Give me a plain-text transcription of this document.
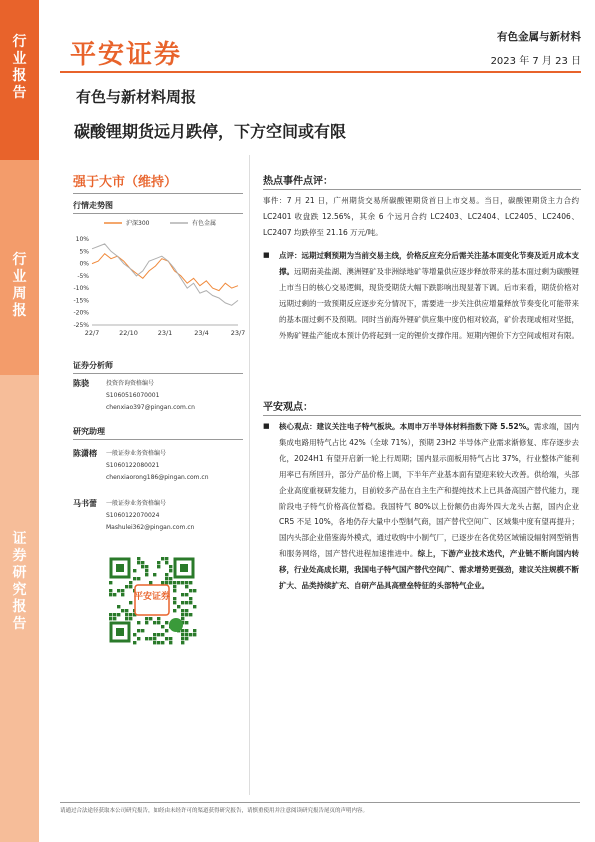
行业报告
行业周报
证券研究报告
平安证券
有色金属与新材料
2023 年 7 月 23 日
有色与新材料周报
碳酸锂期货远月跌停，下方空间或有限
强于大市（维持）
行情走势图
沪深300	有色金属
10%
5%
0%
-5%
-10%
-15%
-20%
-25%
22/7	22/10	23/1	23/4	23/7
证券分析师
陈骁	投资咨询资格编号
S1060516070001
chenxiao397@pingan.com.cn
研究助理
陈潇榕	一般证券业务资格编号
S1060122080021
chenxiaorong186@pingan.com.cn
马书蕾	一般证券业务资格编号
S1060122070024
Mashulei362@pingan.com.cn
平安证券
热点事件点评：
事件：7 月 21 日，广州期货交易所碳酸锂期货首日上市交易。当日，碳酸锂期货主力合约 LC2401 收盘跌 12.56%，其余 6 个远月合约 LC2403、LC2404、LC2405、LC2406、LC2407 均跌停至 21.16 万元/吨。
■ 点评：远期过剩预期为当前交易主线，价格反应充分后需关注基本面变化节奏及近月成本支撑。远期南美盐湖、澳洲锂矿及非洲绿地矿等增量供应逐步释放带来的基本面过剩为碳酸锂上市当日的核心交易逻辑，现货受期货大幅下跌影响出现显著下调。后市来看，期货价格对远期过剩的一致预期反应逐步充分情况下，需要进一步关注供应增量释放节奏变化可能带来的基本面过剩不及预期。同时当前海外锂矿供应集中度仍相对较高，矿价表现或相对坚挺，外购矿锂盐产能成本预计仍将起到一定的锂价支撑作用。短期内锂价下方空间或相对有限。
平安观点：
■ 核心观点：建议关注电子特气板块。本周申万半导体材料指数下降 5.52%。需求端，国内集成电路用特气占比 42%（全球 71%），预期 23H2 半导体产业需求渐修复、库存逐步去化，2024H1 有望开启新一轮上行周期；国内显示面板用特气占比 37%，行业整体产能利用率已有所回升，部分产品价格上调，下半年产业基本面有望迎来较大改善。供给端，头部企业高度重视研发能力，目前较多产品在自主生产和提纯技术上已具备高国产替代能力，现阶段电子特气价格高位暂稳。我国特气 80%以上份额仍由海外四大龙头占据，国内企业 CR5 不足 10%，各地仍存大量中小型制气商，国产替代空间广、区域集中度有望再提升；国内头部企业借鉴海外模式，通过收购中小制气厂，已逐步在各优势区域铺设辐射网型销售和服务网络，国产替代进程加速推进中。综上，下游产业技术迭代，产业链不断向国内转移，行业处高成长期，我国电子特气国产替代空间广、需求增势更强劲，建议关注规模不断扩大、品类持续扩充、自研产品具高壁垒特征的头部特气企业。
请通过合法途径获取本公司研究报告，如经由未经许可的渠道获得研究报告，请慎重使用并注意阅读研究报告尾页的声明内容。
